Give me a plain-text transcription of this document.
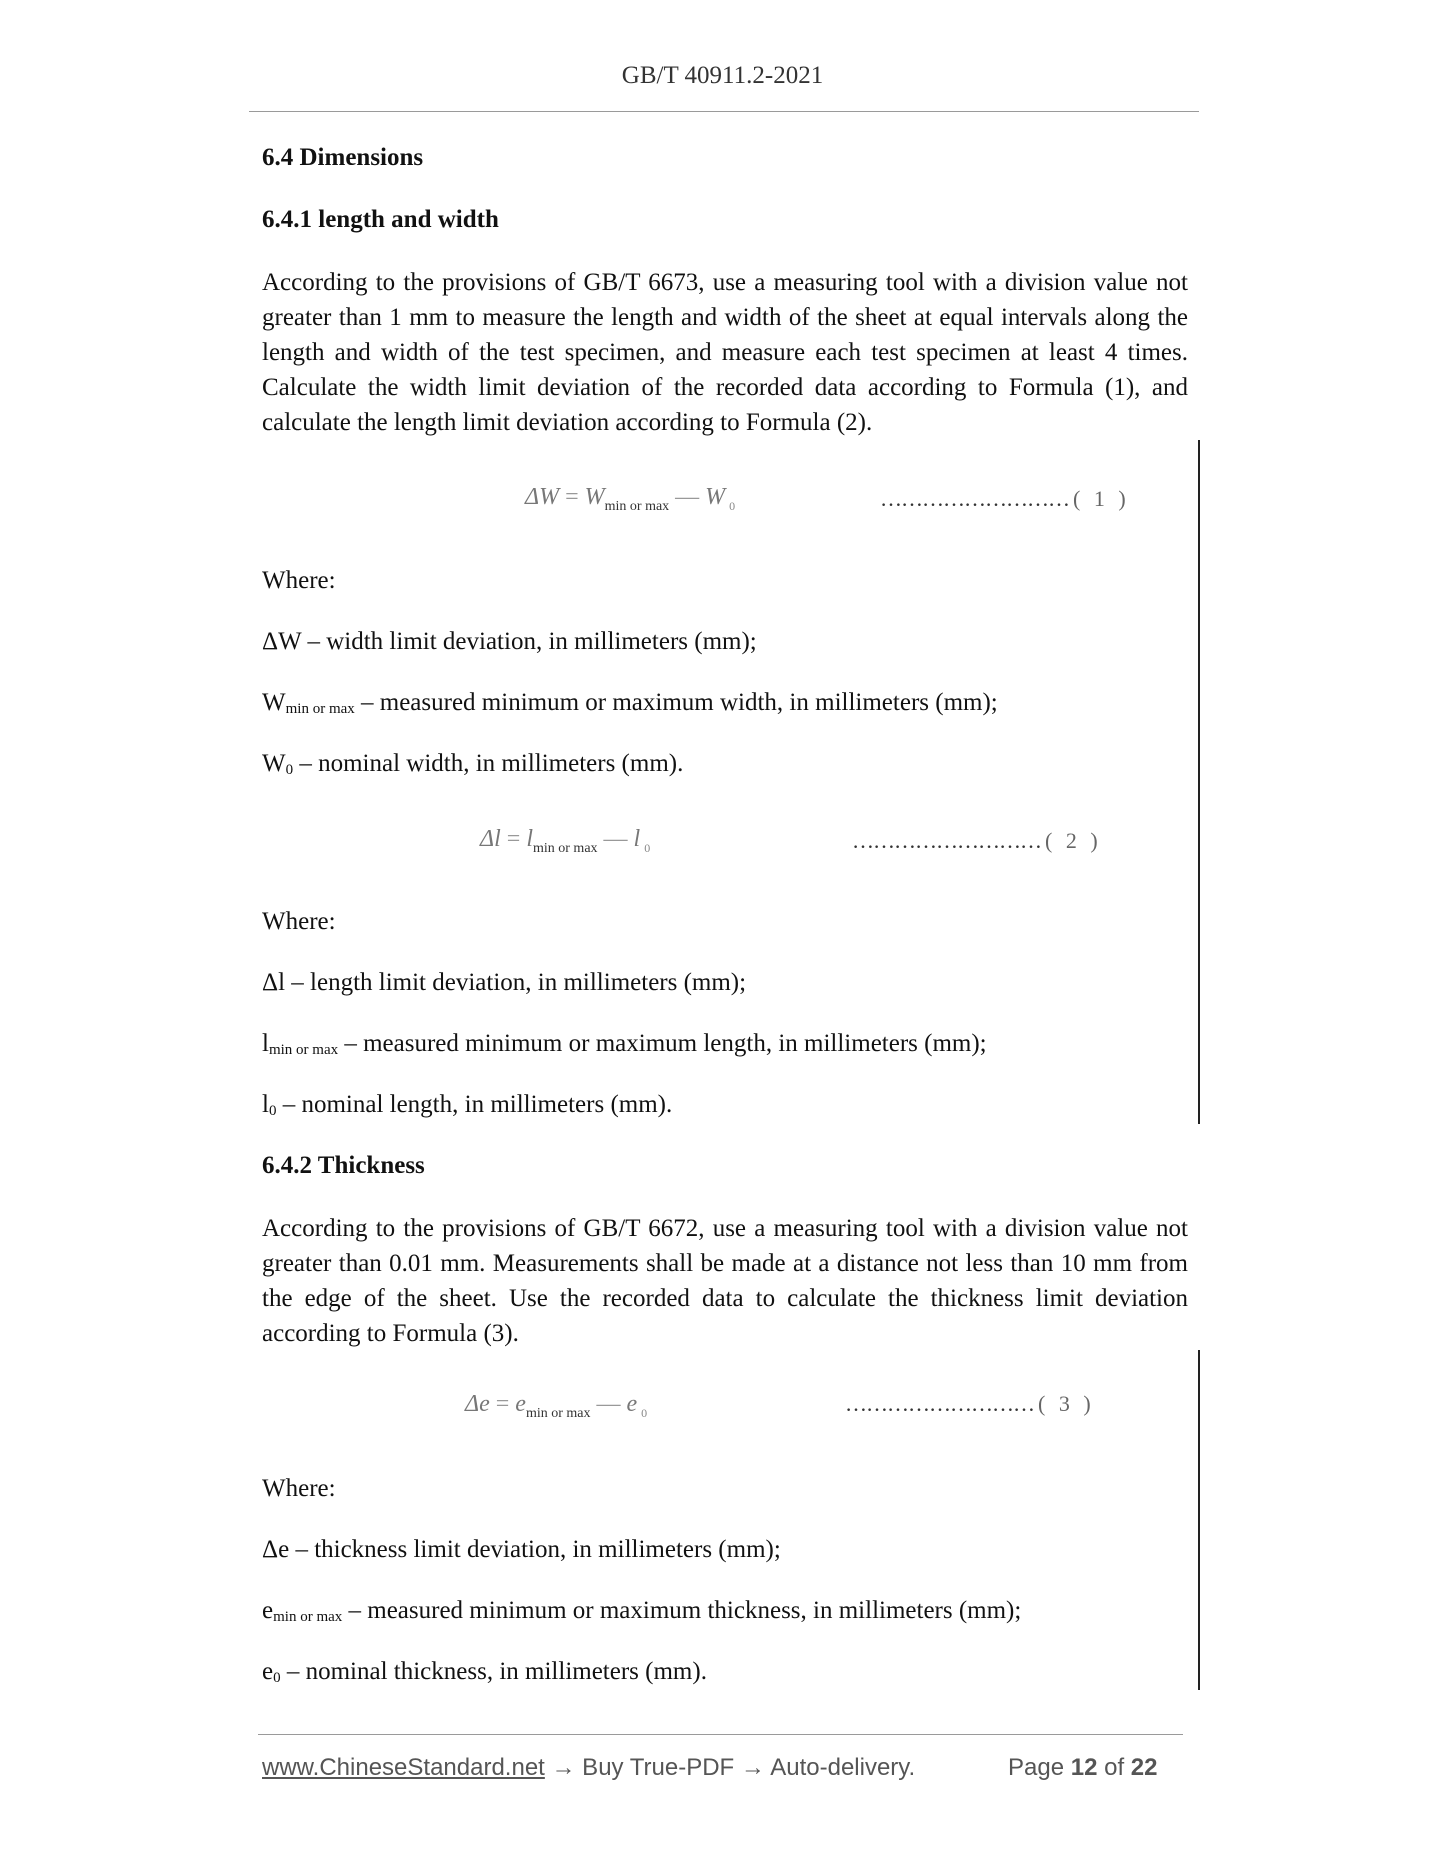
GB/T 40911.2-2021
6.4 Dimensions
6.4.1 length and width
According to the provisions of GB/T 6673, use a measuring tool with a division value not greater than 1 mm to measure the length and width of the sheet at equal intervals along the length and width of the test specimen, and measure each test specimen at least 4 times. Calculate the width limit deviation of the recorded data according to Formula (1), and calculate the length limit deviation according to Formula (2).
$\Delta W = W_{min or max}$ — W $_0$	……………………… ( 1 )
Where:
ΔW – width limit deviation, in millimeters (mm);
Wmin or max – measured minimum or maximum width, in millimeters (mm);
W0 – nominal width, in millimeters (mm).
$\Delta l = l_{min or max}$ — l $_0$	……………………… ( 2 )
Where:
Δl – length limit deviation, in millimeters (mm);
lmin or max – measured minimum or maximum length, in millimeters (mm);
l0 – nominal length, in millimeters (mm).
6.4.2 Thickness
According to the provisions of GB/T 6672, use a measuring tool with a division value not greater than 0.01 mm. Measurements shall be made at a distance not less than 10 mm from the edge of the sheet. Use the recorded data to calculate the thickness limit deviation according to Formula (3).
$\Delta e = e_{min or max}$ — e $_0$	……………………… ( 3 )
Where:
Δe – thickness limit deviation, in millimeters (mm);
emin or max – measured minimum or maximum thickness, in millimeters (mm);
e0 – nominal thickness, in millimeters (mm).
www.ChineseStandard.net → Buy True-PDF → Auto-delivery.	Page 12 of 22
